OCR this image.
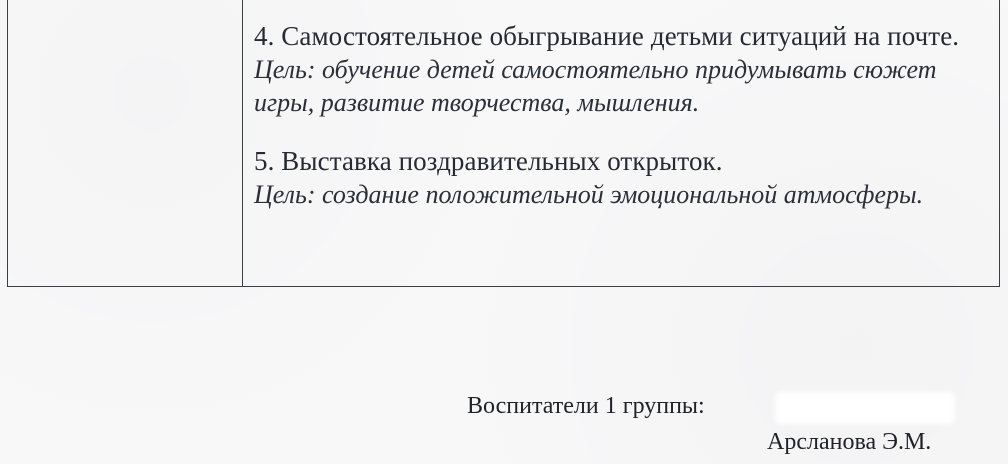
4. Самостоятельное обыгрывание детьми ситуаций на почте.
Цель: обучение детей самостоятельно придумывать сюжет игры, развитие творчества, мышления.
5. Выставка поздравительных открыток.
Цель: создание положительной эмоциональной атмосферы.
Воспитатели 1 группы:
Арсланова Э.М.
